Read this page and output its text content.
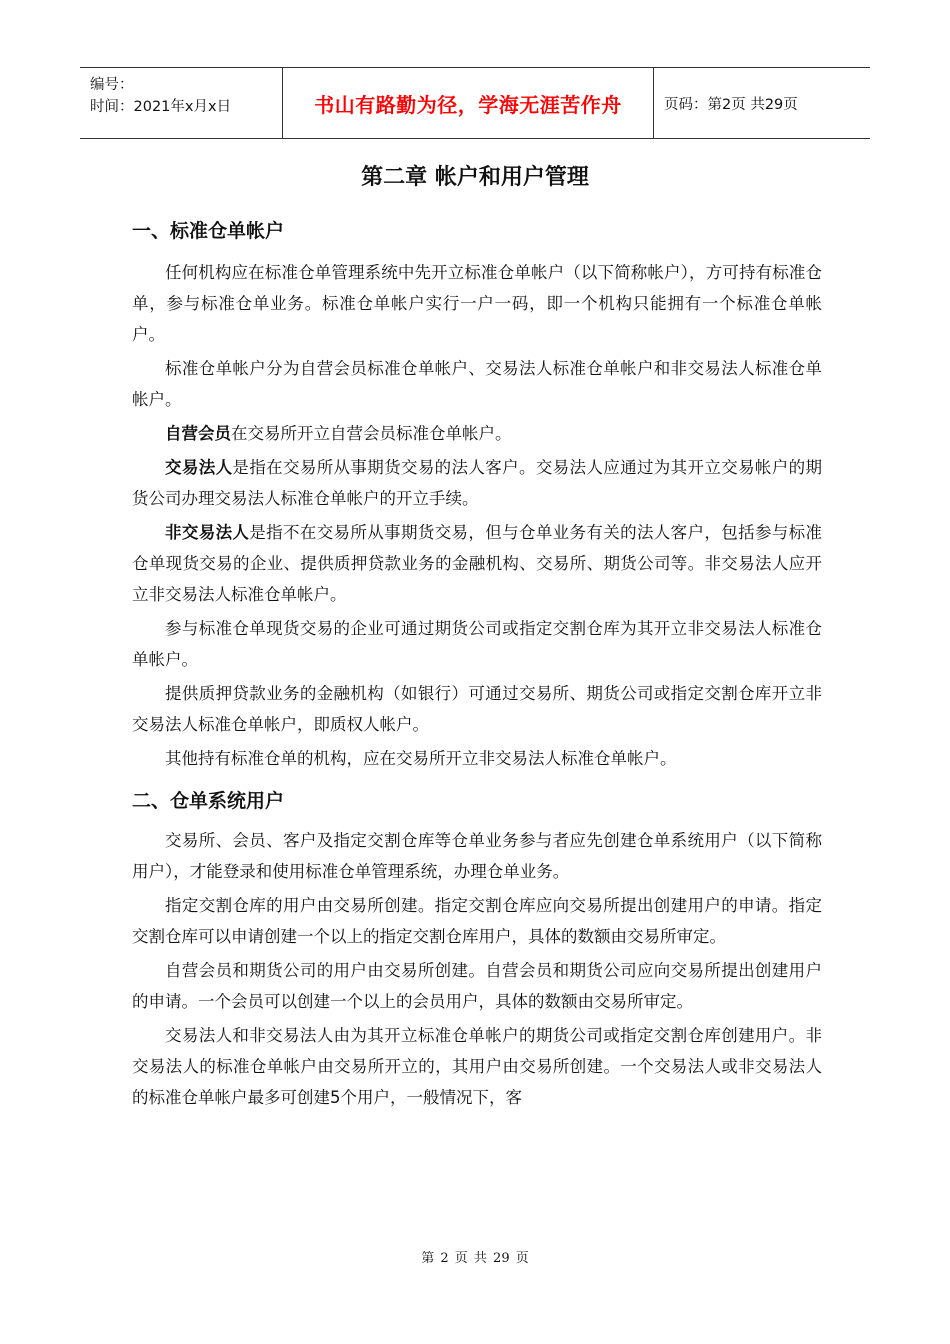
编号：
时间：2021年x月x日	书山有路勤为径，学海无涯苦作舟	页码：第2页 共29页
第二章 帐户和用户管理
一、标准仓单帐户

任何机构应在标准仓单管理系统中先开立标准仓单帐户（以下简称帐户），方可持有标准仓单，参与标准仓单业务。标准仓单帐户实行一户一码，即一个机构只能拥有一个标准仓单帐户。

标准仓单帐户分为自营会员标准仓单帐户、交易法人标准仓单帐户和非交易法人标准仓单帐户。

自营会员在交易所开立自营会员标准仓单帐户。

交易法人是指在交易所从事期货交易的法人客户。交易法人应通过为其开立交易帐户的期货公司办理交易法人标准仓单帐户的开立手续。

非交易法人是指不在交易所从事期货交易，但与仓单业务有关的法人客户，包括参与标准仓单现货交易的企业、提供质押贷款业务的金融机构、交易所、期货公司等。非交易法人应开立非交易法人标准仓单帐户。

参与标准仓单现货交易的企业可通过期货公司或指定交割仓库为其开立非交易法人标准仓单帐户。

提供质押贷款业务的金融机构（如银行）可通过交易所、期货公司或指定交割仓库开立非交易法人标准仓单帐户，即质权人帐户。

其他持有标准仓单的机构，应在交易所开立非交易法人标准仓单帐户。

二、仓单系统用户

交易所、会员、客户及指定交割仓库等仓单业务参与者应先创建仓单系统用户（以下简称用户），才能登录和使用标准仓单管理系统，办理仓单业务。

指定交割仓库的用户由交易所创建。指定交割仓库应向交易所提出创建用户的申请。指定交割仓库可以申请创建一个以上的指定交割仓库用户，具体的数额由交易所审定。

自营会员和期货公司的用户由交易所创建。自营会员和期货公司应向交易所提出创建用户的申请。一个会员可以创建一个以上的会员用户，具体的数额由交易所审定。

交易法人和非交易法人由为其开立标准仓单帐户的期货公司或指定交割仓库创建用户。非交易法人的标准仓单帐户由交易所开立的，其用户由交易所创建。一个交易法人或非交易法人的标准仓单帐户最多可创建5个用户，一般情况下，客

第 2 页 共 29 页
